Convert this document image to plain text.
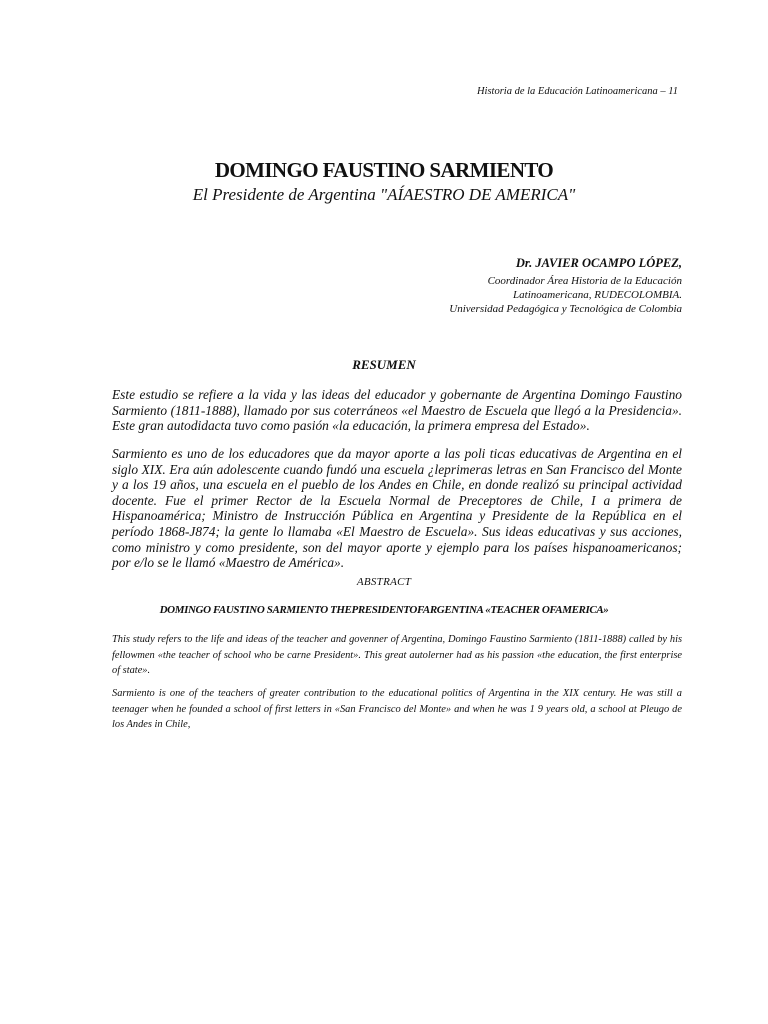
Historia de la Educación Latinoamericana – 11
DOMINGO FAUSTINO SARMIENTO
El Presidente de Argentina "AÍAESTRO DE AMERICA"
Dr. JAVIER OCAMPO LÓPEZ,
Coordinador Área Historia de la Educación
Latinoamericana, RUDECOLOMBIA.
Universidad Pedagógica y Tecnológica de Colombia
RESUMEN

Este estudio se refiere a la vida y las ideas del educador y gobernante de Argentina Domingo Faustino Sarmiento (1811-1888), llamado por sus coterráneos «el Maestro de Escuela que llegó a la Presidencia». Este gran autodidacta tuvo como pasión «la educación, la primera empresa del Estado».

Sarmiento es uno de los educadores que da mayor aporte a las poli ticas educativas de Argentina en el siglo XIX. Era aún adolescente cuando fundó una escuela ¿leprimeras letras en San Francisco del Monte y a los 19 años, una escuela en el pueblo de los Andes en Chile, en donde realizó su principal actividad docente. Fue el primer Rector de la Escuela Normal de Preceptores de Chile, I a primera de Hispanoamérica; Ministro de Instrucción Pública en Argentina y Presidente de la República en el período 1868-J874; la gente lo llamaba «El Maestro de Escuela». Sus ideas educativas y sus acciones, como ministro y como presidente, son del mayor aporte y ejemplo para los países hispanoamericanos; por e/lo se le llamó «Maestro de América».

ABSTRACT
DOMINGO FAUSTINO SARMIENTO THEPRESIDENTOFARGENTINA «TEACHER OFAMERICA»

This study refers to the life and ideas of the teacher and govenner of Argentina, Domingo Faustino Sarmiento (1811-1888) called by his fellowmen «the teacher of school who be carne President». This great autolerner had as his passion «the education, the first enterprise of state».

Sarmiento is one of the teachers of greater contribution to the educational politics of Argentina in the XIX century. He was still a teenager when he founded a school of first letters in «San Francisco del Monte» and when he was 1 9 years old, a school at Pleugo de los Andes in Chile,
